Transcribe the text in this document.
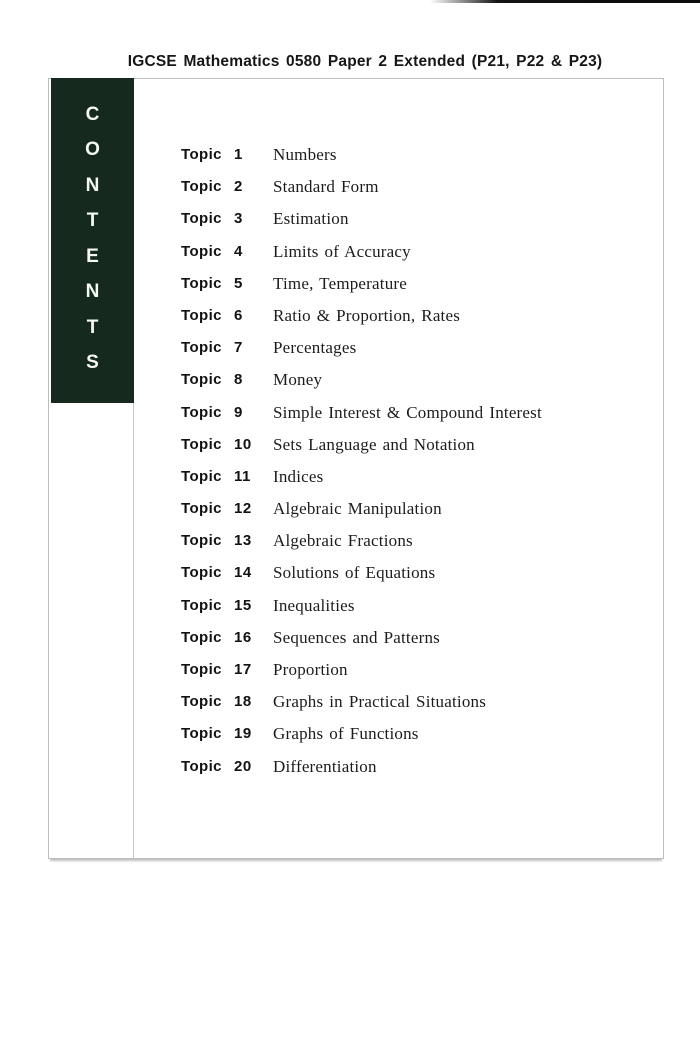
IGCSE Mathematics 0580 Paper 2 Extended (P21, P22 & P23)
C
O
N
T
E
N
T
S
Topic 1 Numbers
Topic 2 Standard Form
Topic 3 Estimation
Topic 4 Limits of Accuracy
Topic 5 Time, Temperature
Topic 6 Ratio & Proportion, Rates
Topic 7 Percentages
Topic 8 Money
Topic 9 Simple Interest & Compound Interest
Topic 10 Sets Language and Notation
Topic 11 Indices
Topic 12 Algebraic Manipulation
Topic 13 Algebraic Fractions
Topic 14 Solutions of Equations
Topic 15 Inequalities
Topic 16 Sequences and Patterns
Topic 17 Proportion
Topic 18 Graphs in Practical Situations
Topic 19 Graphs of Functions
Topic 20 Differentiation
